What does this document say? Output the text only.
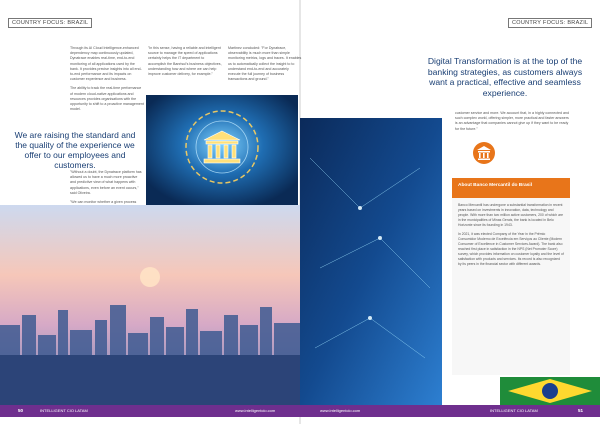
COUNTRY FOCUS: BRAZIL	COUNTRY FOCUS: BRAZIL

Through its AI Cloud Intelligence-enhanced dependency map continuously updated, Dynatrace enables real-time, end-to-end monitoring of all applications used by the bank. It provides precise insights into all end-to-end performance and its impacts on customer experience and business.

The ability to track the real-time performance of modern cloud-native applications and resources provides organisations with the opportunity to shift to a proactive management model.

"In this sense, having a reliable and intelligent source to manage the speed of applications certainly helps the IT department to accomplish the Banrisul's business objectives, understanding how and where we can help improve customer delivery, for example."

Martinez concluded: "For Dynatrace, observability is much more than simple monitoring metrics, logs and traces. It enables us to automatically collect the insight to to understand end-to-end and accurately execute the full journey of business transactions and ground."

We are raising the standard and the quality of the experience we offer to our employees and customers.

"Without a doubt, the Dynatrace platform has allowed us to have a much more proactive and predictive view of what happens with applications, even before an event occurs," said Oliveira.

"We can monitor whether a given process

Digital Transformation is at the top of the banking strategies, as customers always want a practical, effective and seamless experience.

customer service and more. We account that, in a highly connected and such complex world, offering simpler, more practical and faster answers is an advantage that companies cannot give up if they want to be ready for the future."

About Banco Mercantil do Brasil

Banco Mercantil has undergone a substantial transformation in recent years based on investments in innovation, data, technology and people. With more than two million active customers, 200 of which are in the municipalities of Minas Gerais, the bank is located in Belo Horizonte since its founding in 1943.

In 2021, it was elected Company of the Year in the Prêmio Consumidor Moderno de Excelência em Serviços ao Cliente (Modern Consumer of Excellence in Customer Services Award). The bank also reached first place in satisfaction in the NPS (Net Promoter Score) survey, which provides information on customer loyalty and the level of satisfaction with products and services. Its record is also recognized by its peers in the financial sector with different awards.

50	INTELLIGENT CIO LATAM	www.intelligentcio.com	www.intelligentcio.com	INTELLIGENT CIO LATAM	51
